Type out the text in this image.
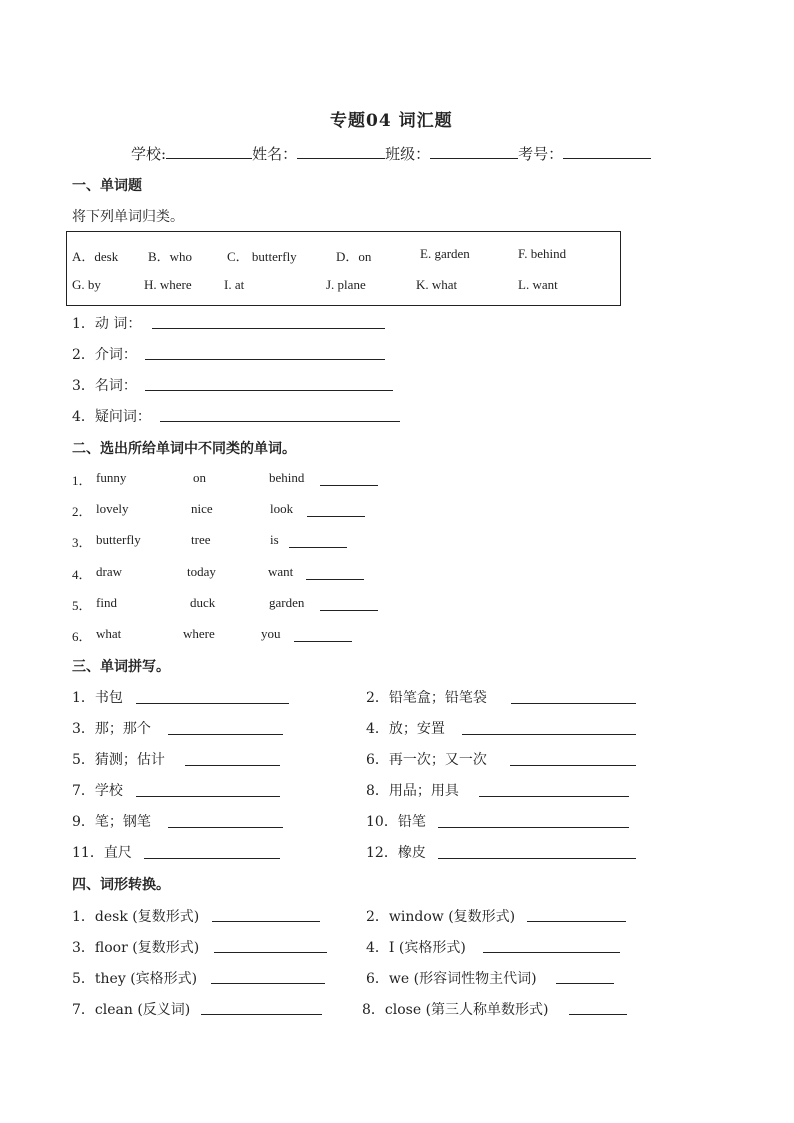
专题04 词汇题
学校:	姓名：	班级：	考号：
一、单词题
将下列单词归类。
A．desk B．who	C． butterfly	D．on	E. garden	F. behind
G. by	H. where I. at	J. plane	K. what	L. want
1．动 词：
2．介词：
3．名词：
4．疑问词：
二、选出所给单词中不同类的单词。
1． funny	on	behind
2． lovely	nice	look
3． butterfly	tree	is
4． draw	today	want
5． find	duck	garden
6． what	where	you
三、单词拼写。
1．书包	2．铅笔盒；铅笔袋
3．那；那个	4．放；安置
5．猜测；估计	6．再一次；又一次
7．学校	8．用品；用具
9．笔；钢笔	10．铅笔
11．直尺	12．橡皮
四、词形转换。
1．desk (复数形式)	2．window (复数形式)
3．floor (复数形式)	4．I (宾格形式)
5．they (宾格形式)	6．we (形容词性物主代词)
7．clean (反义词)	8．close (第三人称单数形式)
